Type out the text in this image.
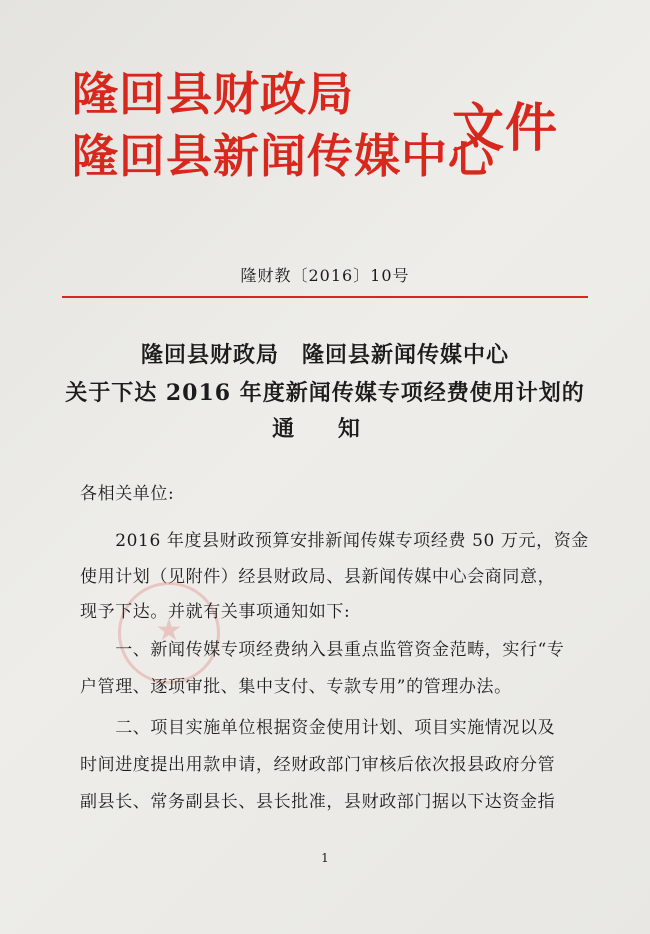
隆回县财政局
隆回县新闻传媒中心
文件
隆财教〔2016〕10号
隆回县财政局　隆回县新闻传媒中心
关于下达 2016 年度新闻传媒专项经费使用计划的
通 知
★
各相关单位:
　　2016 年度县财政预算安排新闻传媒专项经费 50 万元，资金
使用计划（见附件）经县财政局、县新闻传媒中心会商同意，
现予下达。并就有关事项通知如下:
　　一、新闻传媒专项经费纳入县重点监管资金范畴，实行“专
户管理、逐项审批、集中支付、专款专用”的管理办法。
　　二、项目实施单位根据资金使用计划、项目实施情况以及
时间进度提出用款申请，经财政部门审核后依次报县政府分管
副县长、常务副县长、县长批准，县财政部门据以下达资金指
1
